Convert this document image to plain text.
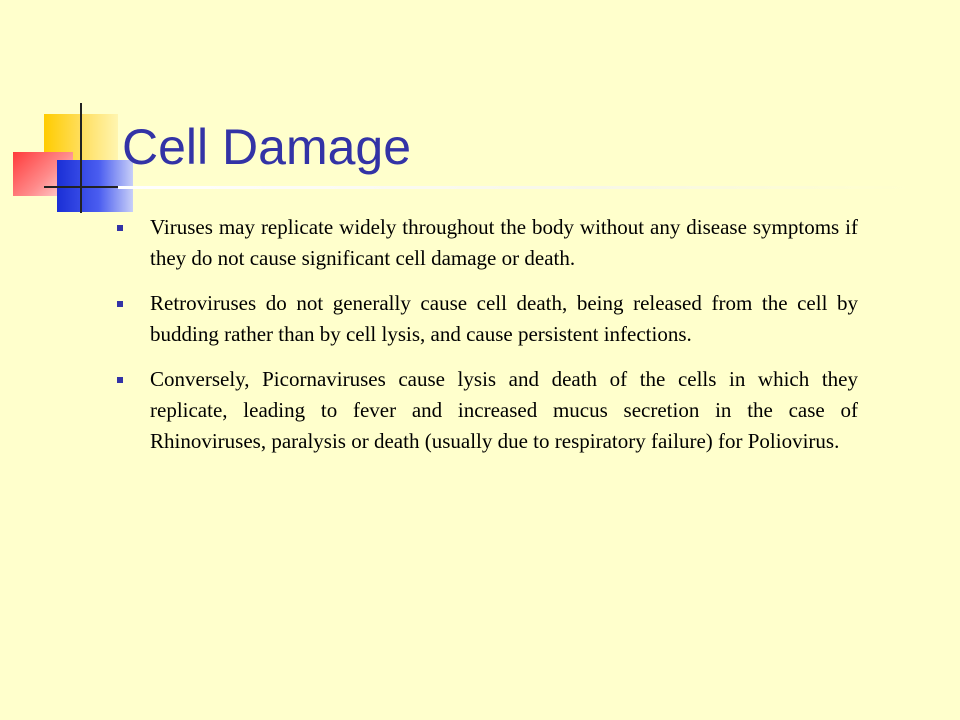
Cell Damage
Viruses may replicate widely throughout the body without any disease symptoms if they do not cause significant cell damage or death.
Retroviruses do not generally cause cell death, being released from the cell by budding rather than by cell lysis, and cause persistent infections.
Conversely, Picornaviruses cause lysis and death of the cells in which they replicate, leading to fever and increased mucus secretion in the case of Rhinoviruses, paralysis or death (usually due to respiratory failure) for Poliovirus.
